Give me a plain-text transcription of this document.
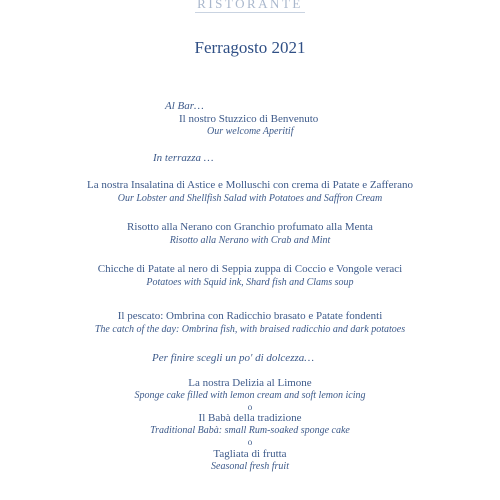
RISTORANTE
Ferragosto 2021
Al Bar…
Il nostro Stuzzico di Benvenuto
Our welcome Aperitif
In terrazza …
La nostra Insalatina di Astice e Molluschi con crema di Patate e Zafferano
Our Lobster and Shellfish Salad with Potatoes and Saffron Cream
Risotto alla Nerano con Granchio profumato alla Menta
Risotto alla Nerano with Crab and Mint
Chicche di Patate al nero di Seppia zuppa di Coccio e Vongole veraci
Potatoes with Squid ink, Shard fish and Clams soup
Il pescato: Ombrina con Radicchio brasato e Patate fondenti
The catch of the day: Ombrina fish, with braised radicchio and dark potatoes
Per finire scegli un po' di dolcezza…
La nostra Delizia al Limone
Sponge cake filled with lemon cream and soft lemon icing
o
Il Babà della tradizione
Traditional Babà: small Rum-soaked sponge cake
o
Tagliata di frutta
Seasonal fresh fruit
